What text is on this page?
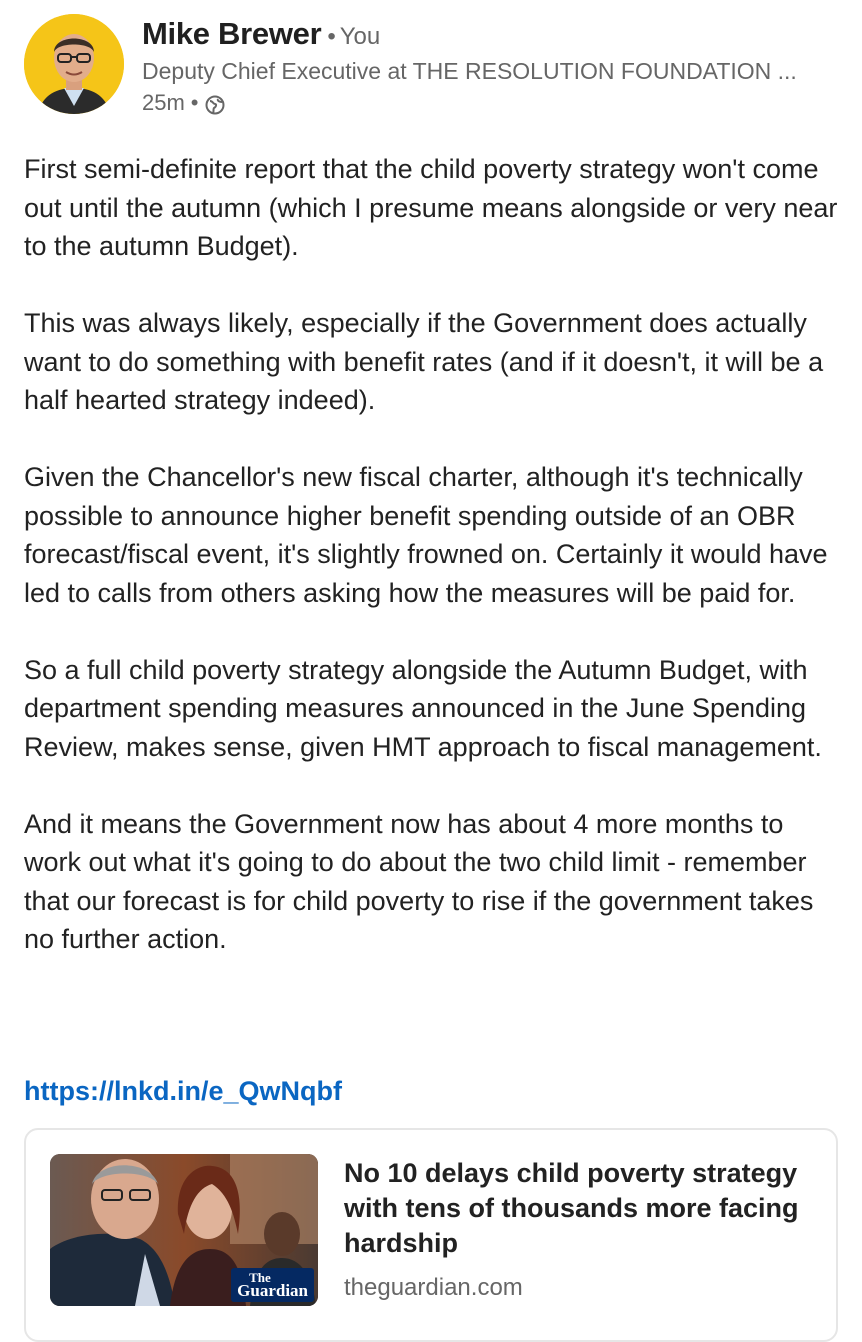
Mike Brewer • You
Deputy Chief Executive at THE RESOLUTION FOUNDATION ...
25m •

First semi-definite report that the child poverty strategy won't come out until the autumn (which I presume means alongside or very near to the autumn Budget).

This was always likely, especially if the Government does actually want to do something with benefit rates (and if it doesn't, it will be a half hearted strategy indeed).

Given the Chancellor's new fiscal charter, although it's technically possible to announce higher benefit spending outside of an OBR forecast/fiscal event, it's slightly frowned on. Certainly it would have led to calls from others asking how the measures will be paid for.

So a full child poverty strategy alongside the Autumn Budget, with department spending measures announced in the June Spending Review, makes sense, given HMT approach to fiscal management.

And it means the Government now has about 4 more months to work out what it's going to do about the two child limit - remember that our forecast is for child poverty to rise if the government takes no further action.

https://lnkd.in/e_QwNqbf
The
Guardian
No 10 delays child poverty strategy with tens of thousands more facing hardship
theguardian.com
